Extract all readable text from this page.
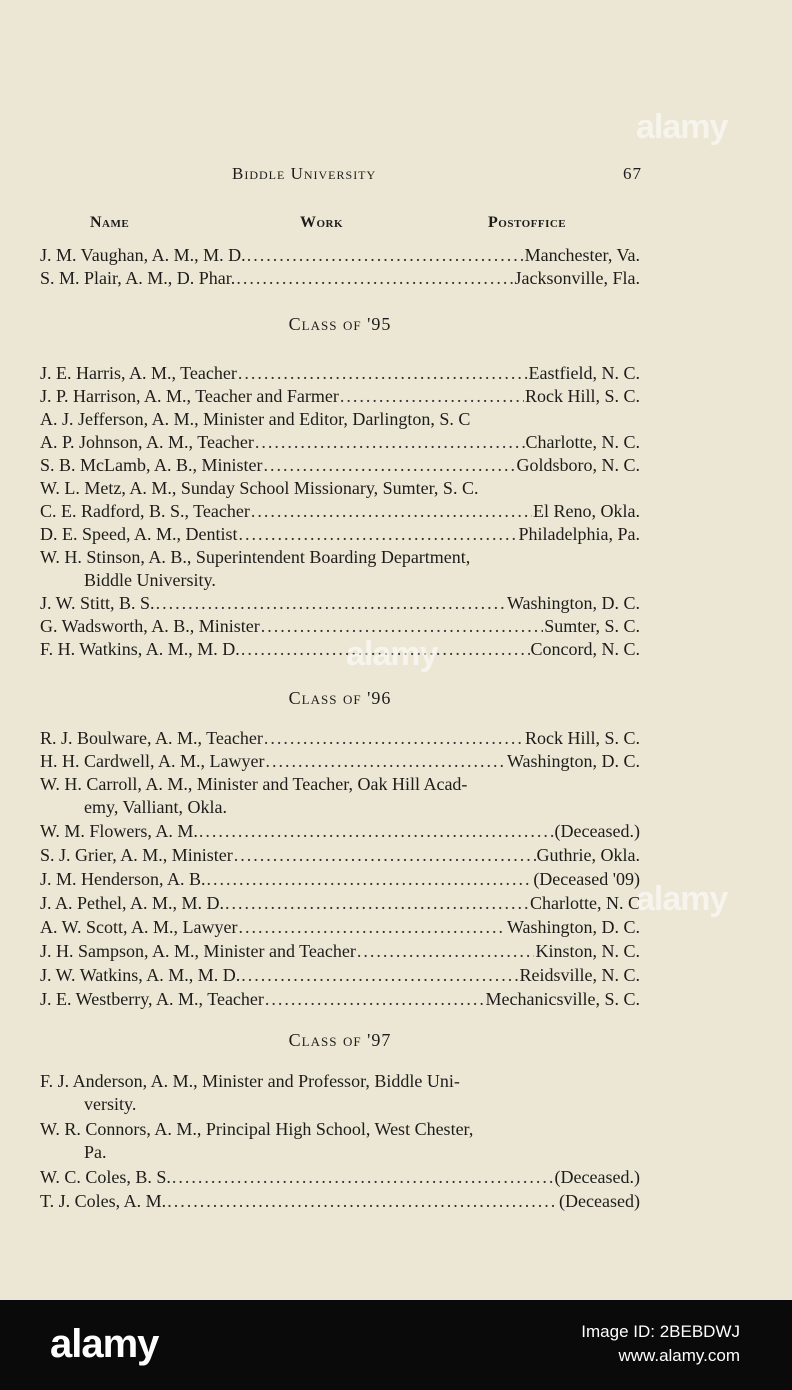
Biddle University	67
Name	Work	Postoffice
J. M. Vaughan, A. M., M. D. .....	Manchester, Va.
S. M. Plair, A. M., D. Phar. .....	Jacksonville, Fla.
Class of '95
J. E. Harris, A. M., Teacher .....	Eastfield, N. C.
J. P. Harrison, A. M., Teacher and Farmer .....	Rock Hill, S. C.
A. J. Jefferson, A. M., Minister and Editor, Darlington, S. C
A. P. Johnson, A. M., Teacher .....	Charlotte, N. C.
S. B. McLamb, A. B., Minister .....	Goldsboro, N. C.
W. L. Metz, A. M., Sunday School Missionary, Sumter, S. C.
C. E. Radford, B. S., Teacher .....	El Reno, Okla.
D. E. Speed, A. M., Dentist .....	Philadelphia, Pa.
W. H. Stinson, A. B., Superintendent Boarding Department,
Biddle University.
J. W. Stitt, B. S. .....	Washington, D. C.
G. Wadsworth, A. B., Minister .....	Sumter, S. C.
F. H. Watkins, A. M., M. D. .....	Concord, N. C.
Class of '96
R. J. Boulware, A. M., Teacher .....	Rock Hill, S. C.
H. H. Cardwell, A. M., Lawyer .....	Washington, D. C.
W. H. Carroll, A. M., Minister and Teacher, Oak Hill Acad-
emy, Valliant, Okla.
W. M. Flowers, A. M. .....	(Deceased.)
S. J. Grier, A. M., Minister .....	Guthrie, Okla.
J. M. Henderson, A. B. .....	(Deceased '09)
J. A. Pethel, A. M., M. D. .....	Charlotte, N. C
A. W. Scott, A. M., Lawyer .....	Washington, D. C.
J. H. Sampson, A. M., Minister and Teacher .....	Kinston, N. C.
J. W. Watkins, A. M., M. D. .....	Reidsville, N. C.
J. E. Westberry, A. M., Teacher .....	Mechanicsville, S. C.
Class of '97
F. J. Anderson, A. M., Minister and Professor, Biddle Uni-
versity.
W. R. Connors, A. M., Principal High School, West Chester,
Pa.
W. C. Coles, B. S. .....	(Deceased.)
T. J. Coles, A. M. .....	(Deceased)
alamy
alamy
alamy
alamy	Image ID: 2BEBDWJ
www.alamy.com
